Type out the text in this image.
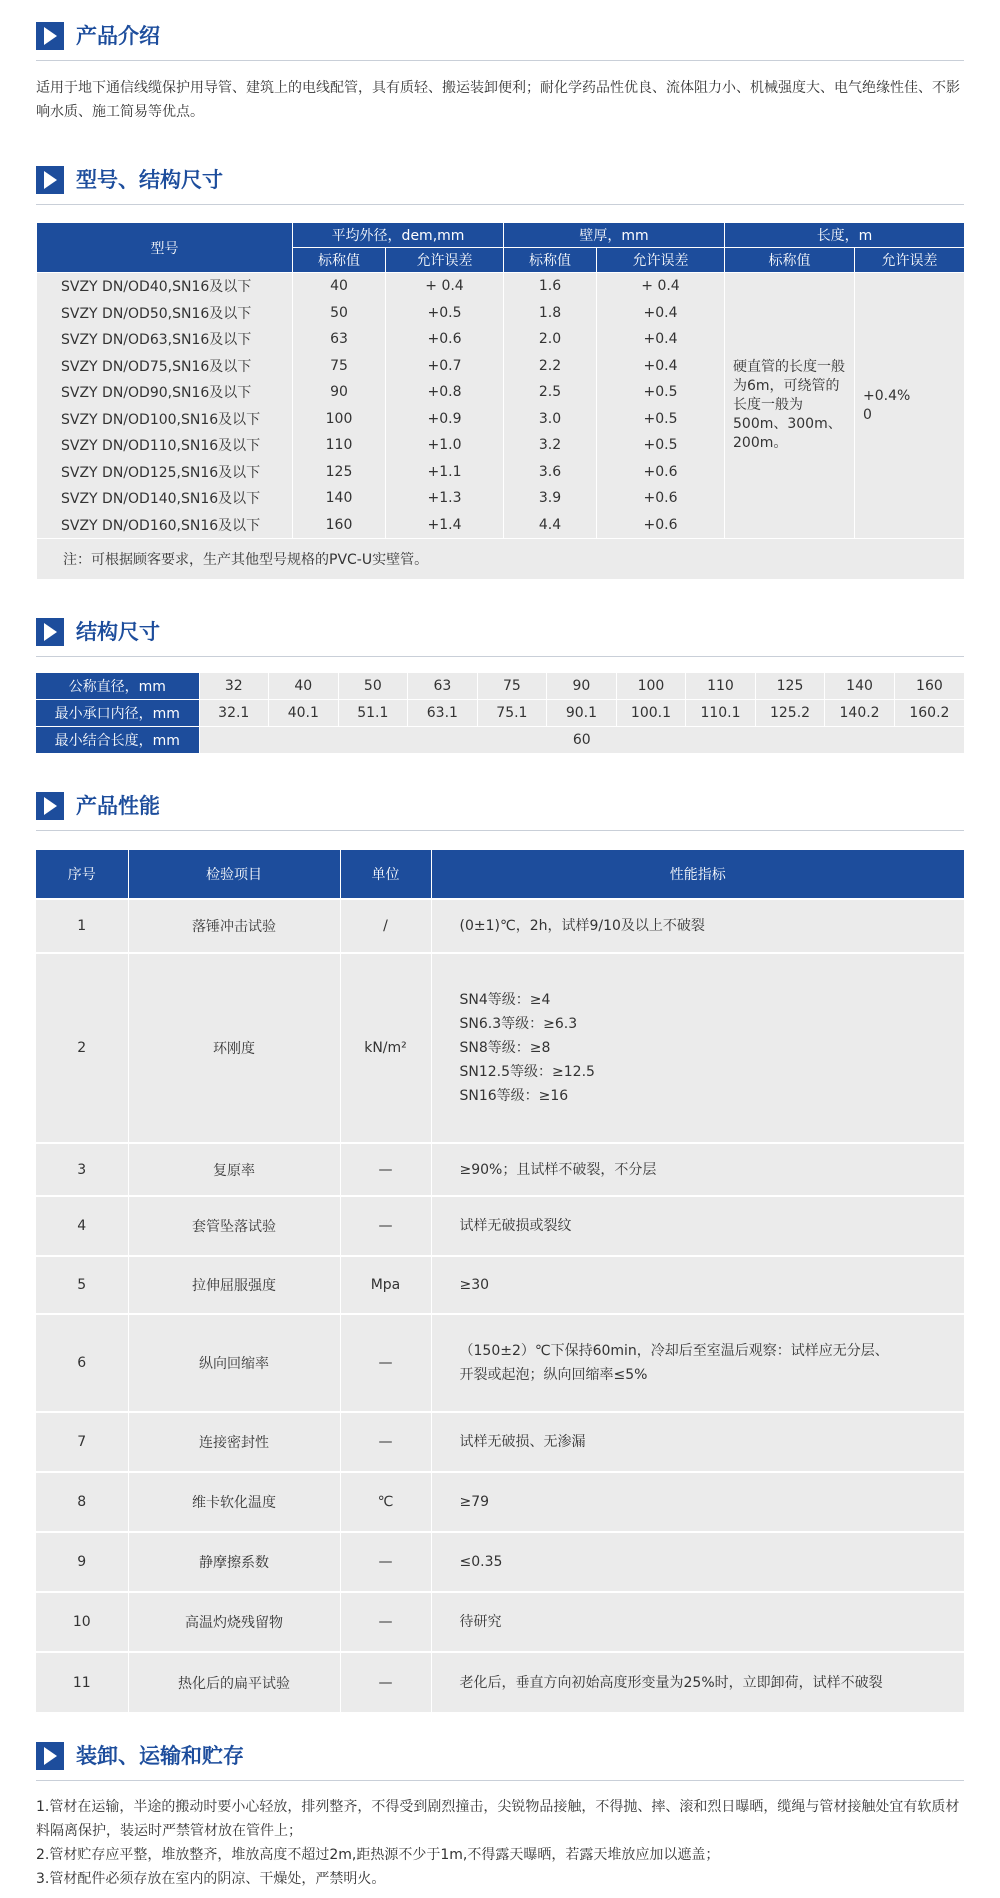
产品介绍
适用于地下通信线缆保护用导管、建筑上的电线配管，具有质轻、搬运装卸便利；耐化学药品性优良、流体阻力小、机械强度大、电气绝缘性佳、不影响水质、施工简易等优点。
型号、结构尺寸
型号	平均外径，dem,mm		壁厚，mm		长度，m	
	标称值	允许误差	标称值	允许误差	标称值	允许误差
SVZY DN/OD40,SN16及以下	40	+ 0.4	1.6	+ 0.4	硬直管的长度一般为6m，可绕管的长度一般为500m、300m、200m。	+0.4%
0
SVZY DN/OD50,SN16及以下	50	+0.5	1.8	+0.4		
SVZY DN/OD63,SN16及以下	63	+0.6	2.0	+0.4		
SVZY DN/OD75,SN16及以下	75	+0.7	2.2	+0.4		
SVZY DN/OD90,SN16及以下	90	+0.8	2.5	+0.5		
SVZY DN/OD100,SN16及以下	100	+0.9	3.0	+0.5		
SVZY DN/OD110,SN16及以下	110	+1.0	3.2	+0.5		
SVZY DN/OD125,SN16及以下	125	+1.1	3.6	+0.6		
SVZY DN/OD140,SN16及以下	140	+1.3	3.9	+0.6		
SVZY DN/OD160,SN16及以下	160	+1.4	4.4	+0.6		
注：可根据顾客要求，生产其他型号规格的PVC-U实壁管。						
结构尺寸
公称直径，mm	32	40	50	63	75	90	100	110	125	140	160
最小承口内径，mm	32.1	40.1	51.1	63.1	75.1	90.1	100.1	110.1	125.2	140.2	160.2
最小结合长度，mm	60										
产品性能
序号	检验项目	单位	性能指标
1	落锤冲击试验	/	(0±1)℃，2h，试样9/10及以上不破裂
2	环刚度	kN/m²	SN4等级：≥4
SN6.3等级：≥6.3
SN8等级：≥8
SN12.5等级：≥12.5
SN16等级：≥16
3	复原率	—	≥90%；且试样不破裂，不分层
4	套管坠落试验	—	试样无破损或裂纹
5	拉伸屈服强度	Mpa	≥30
6	纵向回缩率	—	（150±2）℃下保持60min，冷却后至室温后观察：试样应无分层、
开裂或起泡；纵向回缩率≤5%
7	连接密封性	—	试样无破损、无渗漏
8	维卡软化温度	℃	≥79
9	静摩擦系数	—	≤0.35
10	高温灼烧残留物	—	待研究
11	热化后的扁平试验	—	老化后，垂直方向初始高度形变量为25%时，立即卸荷，试样不破裂
装卸、运输和贮存
1.管材在运输，半途的搬动时要小心轻放，排列整齐，不得受到剧烈撞击，尖锐物品接触，不得抛、摔、滚和烈日曝晒，缆绳与管材接触处宜有软质材料隔离保护，装运时严禁管材放在管件上；
2.管材贮存应平整，堆放整齐，堆放高度不超过2m,距热源不少于1m,不得露天曝晒，若露天堆放应加以遮盖；
3.管材配件必须存放在室内的阴凉、干燥处，严禁明火。
